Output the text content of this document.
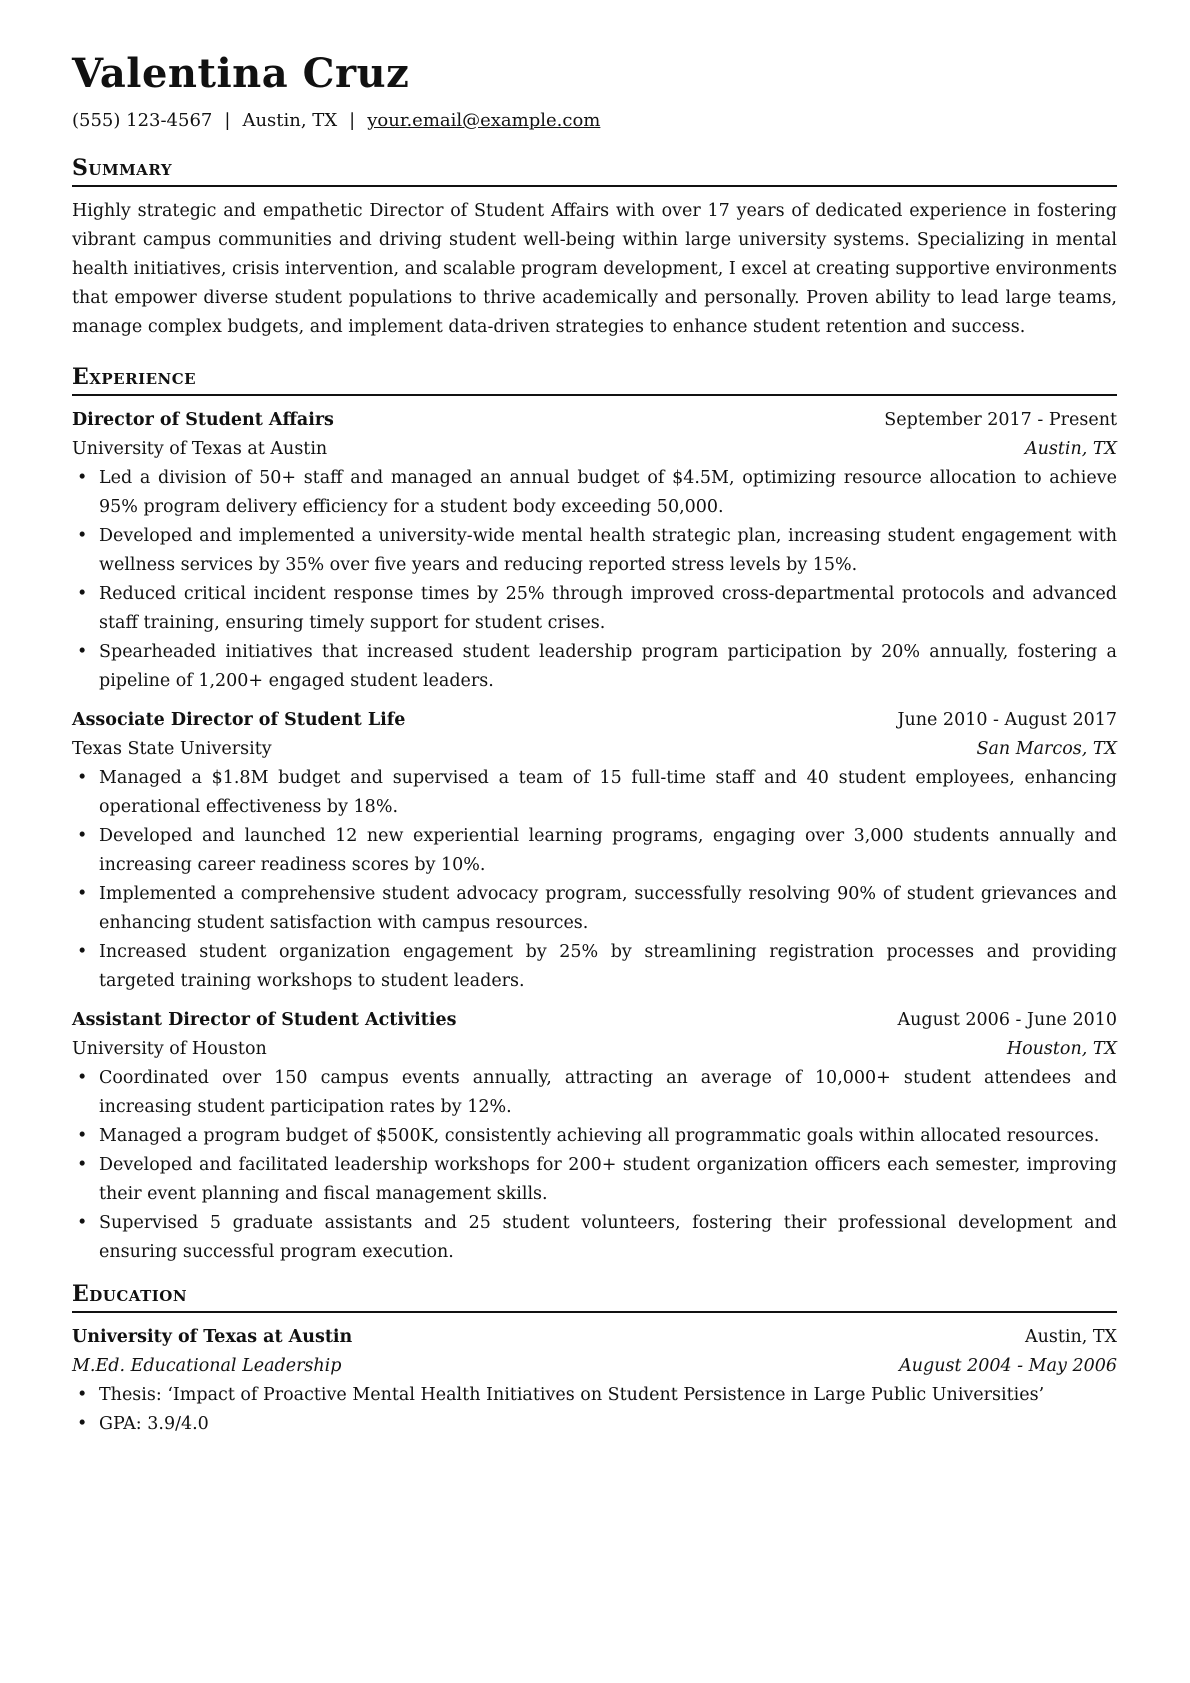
Valentina Cruz
(555) 123-4567 | Austin, TX | your.email@example.com
Summary

Highly strategic and empathetic Director of Student Affairs with over 17 years of dedicated experience in fostering vibrant campus communities and driving student well-being within large university systems. Specializing in mental health initiatives, crisis intervention, and scalable program development, I excel at creating supportive environments that empower diverse student populations to thrive academically and personally. Proven ability to lead large teams, manage complex budgets, and implement data-driven strategies to enhance student retention and success.

Experience
Director of Student Affairs	September 2017 - Present
University of Texas at Austin	Austin, TX
• Led a division of 50+ staff and managed an annual budget of $4.5M, optimizing resource allocation to achieve 95% program delivery efficiency for a student body exceeding 50,000.
• Developed and implemented a university-wide mental health strategic plan, increasing student engagement with wellness services by 35% over five years and reducing reported stress levels by 15%.
• Reduced critical incident response times by 25% through improved cross-departmental protocols and advanced staff training, ensuring timely support for student crises.
• Spearheaded initiatives that increased student leadership program participation by 20% annually, fostering a pipeline of 1,200+ engaged student leaders.
Associate Director of Student Life	June 2010 - August 2017
Texas State University	San Marcos, TX
• Managed a $1.8M budget and supervised a team of 15 full-time staff and 40 student employees, enhancing operational effectiveness by 18%.
• Developed and launched 12 new experiential learning programs, engaging over 3,000 students annually and increasing career readiness scores by 10%.
• Implemented a comprehensive student advocacy program, successfully resolving 90% of student grievances and enhancing student satisfaction with campus resources.
• Increased student organization engagement by 25% by streamlining registration processes and providing targeted training workshops to student leaders.
Assistant Director of Student Activities	August 2006 - June 2010
University of Houston	Houston, TX
• Coordinated over 150 campus events annually, attracting an average of 10,000+ student attendees and increasing student participation rates by 12%.
• Managed a program budget of $500K, consistently achieving all programmatic goals within allocated resources.
• Developed and facilitated leadership workshops for 200+ student organization officers each semester, improving their event planning and fiscal management skills.
• Supervised 5 graduate assistants and 25 student volunteers, fostering their professional development and ensuring successful program execution.
Education
University of Texas at Austin	Austin, TX
M.Ed. Educational Leadership	August 2004 - May 2006
• Thesis: ‘Impact of Proactive Mental Health Initiatives on Student Persistence in Large Public Universities’
• GPA: 3.9/4.0
